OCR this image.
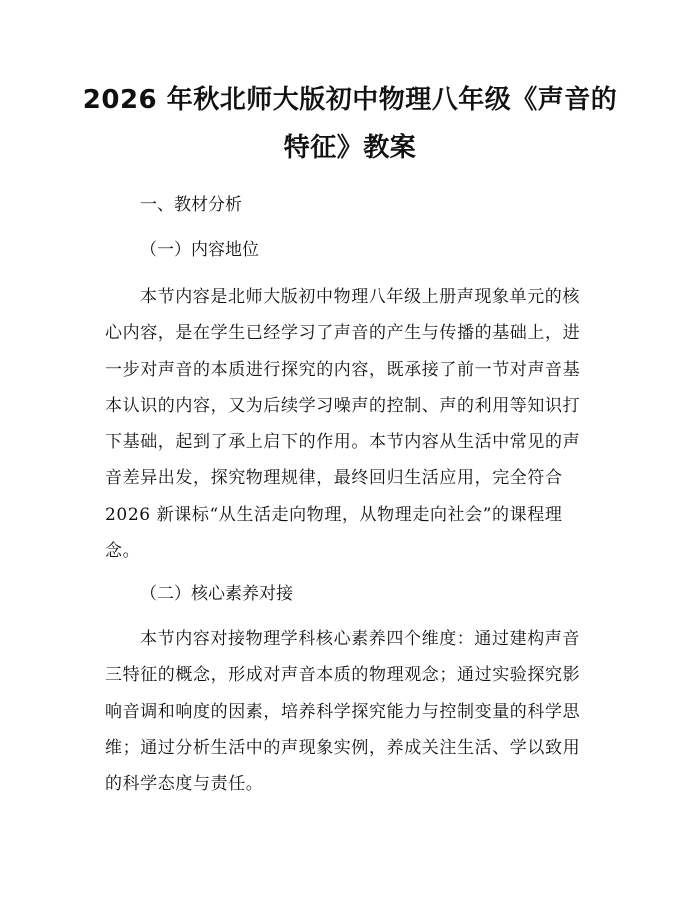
2026 年秋北师大版初中物理八年级《声音的
特征》教案
一、教材分析
（一）内容地位
本节内容是北师大版初中物理八年级上册声现象单元的核
心内容，是在学生已经学习了声音的产生与传播的基础上，进
一步对声音的本质进行探究的内容，既承接了前一节对声音基
本认识的内容，又为后续学习噪声的控制、声的利用等知识打
下基础，起到了承上启下的作用。本节内容从生活中常见的声
音差异出发，探究物理规律，最终回归生活应用，完全符合
2026 新课标“从生活走向物理，从物理走向社会”的课程理
念。
（二）核心素养对接
本节内容对接物理学科核心素养四个维度：通过建构声音
三特征的概念，形成对声音本质的物理观念；通过实验探究影
响音调和响度的因素，培养科学探究能力与控制变量的科学思
维；通过分析生活中的声现象实例，养成关注生活、学以致用
的科学态度与责任。
